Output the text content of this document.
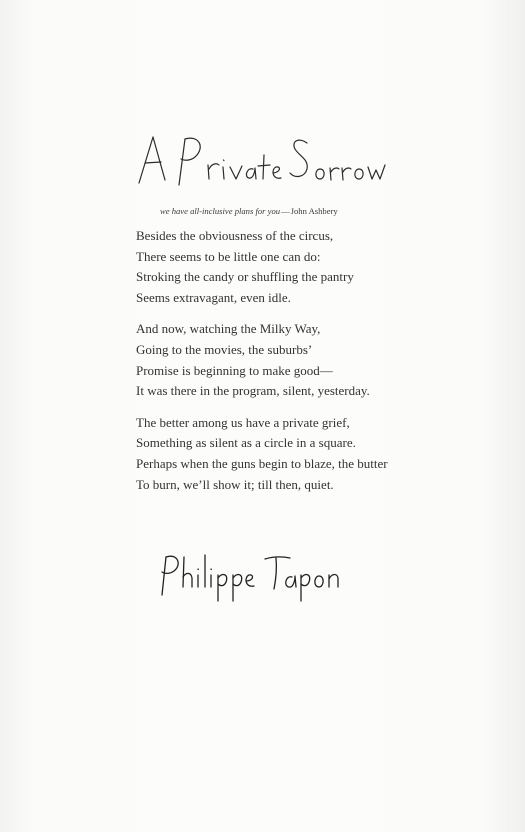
we have all-inclusive plans for you—John Ashbery
Besides the obviousness of the circus,
There seems to be little one can do:
Stroking the candy or shuffling the pantry
Seems extravagant, even idle.
And now, watching the Milky Way,
Going to the movies, the suburbs’
Promise is beginning to make good—
It was there in the program, silent, yesterday.
The better among us have a private grief,
Something as silent as a circle in a square.
Perhaps when the guns begin to blaze, the butter
To burn, we’ll show it; till then, quiet.
